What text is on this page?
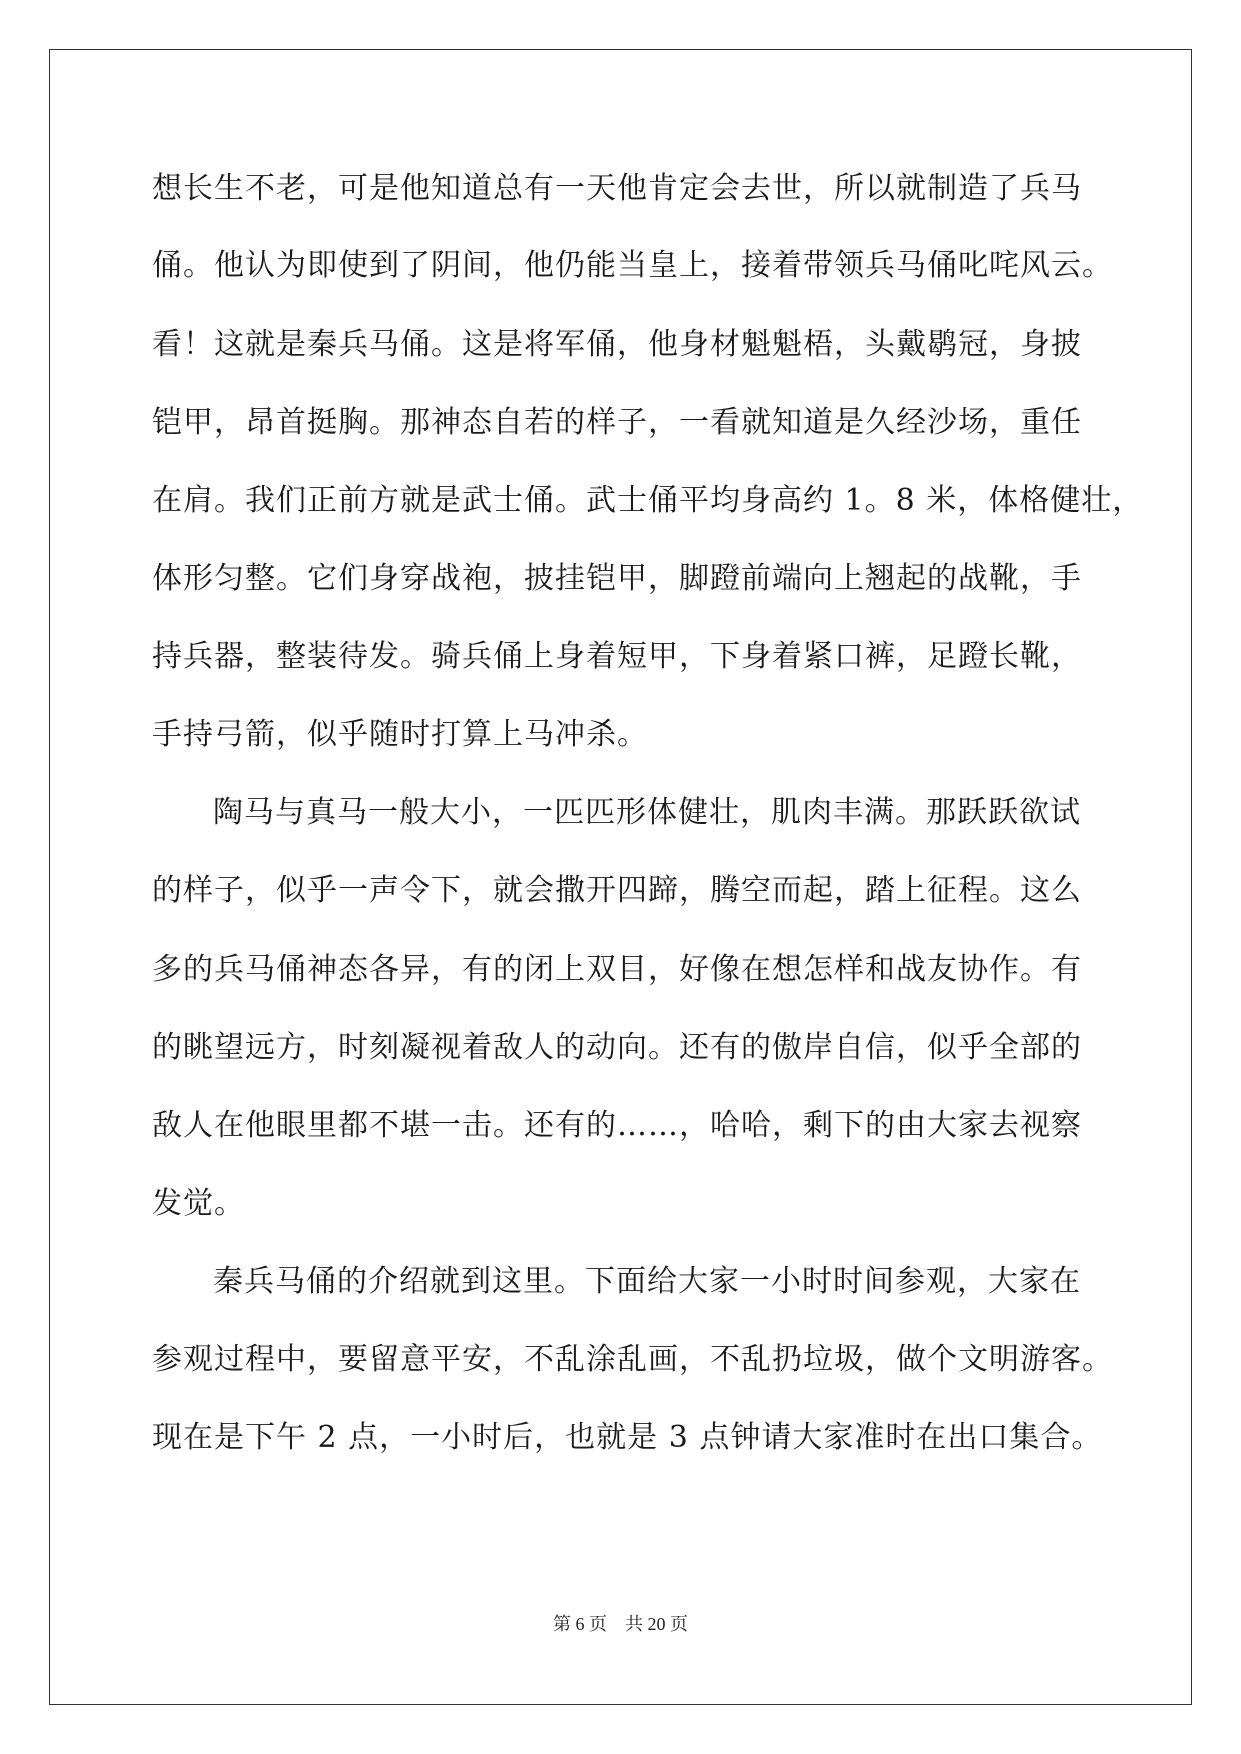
想长生不老，可是他知道总有一天他肯定会去世，所以就制造了兵马
俑。他认为即使到了阴间，他仍能当皇上，接着带领兵马俑叱咤风云。
看！这就是秦兵马俑。这是将军俑，他身材魁魁梧，头戴鹖冠，身披
铠甲，昂首挺胸。那神态自若的样子，一看就知道是久经沙场，重任
在肩。我们正前方就是武士俑。武士俑平均身高约 1。8 米，体格健壮，
体形匀整。它们身穿战袍，披挂铠甲，脚蹬前端向上翘起的战靴，手
持兵器，整装待发。骑兵俑上身着短甲，下身着紧口裤，足蹬长靴，
手持弓箭，似乎随时打算上马冲杀。
陶马与真马一般大小，一匹匹形体健壮，肌肉丰满。那跃跃欲试
的样子，似乎一声令下，就会撒开四蹄，腾空而起，踏上征程。这么
多的兵马俑神态各异，有的闭上双目，好像在想怎样和战友协作。有
的眺望远方，时刻凝视着敌人的动向。还有的傲岸自信，似乎全部的
敌人在他眼里都不堪一击。还有的……，哈哈，剩下的由大家去视察
发觉。
秦兵马俑的介绍就到这里。下面给大家一小时时间参观，大家在
参观过程中，要留意平安，不乱涂乱画，不乱扔垃圾，做个文明游客。
现在是下午 2 点，一小时后，也就是 3 点钟请大家准时在出口集合。
第 6 页 共 20 页
